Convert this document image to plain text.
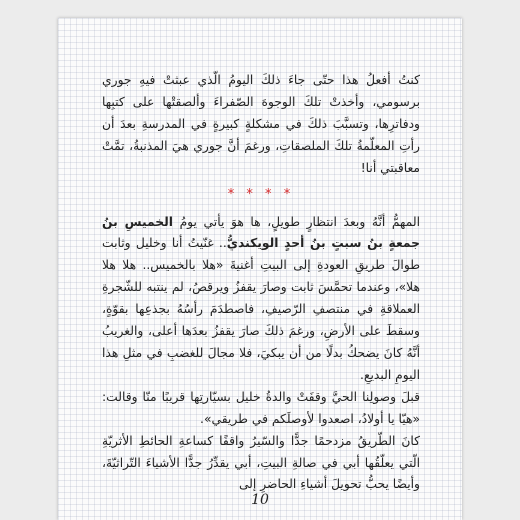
كنتُ أفعلُ هذا حتّى جاءَ ذلكَ اليومُ الّذي عبثتْ فيهِ جوري برسومي، وأخذتْ تلكَ الوجوهَ الصّفراءَ وألصقتْها على كتبِها ودفاترِها، وتسبَّبَ ذلكَ في مشكلةٍ كبيرةٍ في المدرسةِ بعدَ أن رأتِ المعلّمةُ تلكَ الملصقاتِ، ورغمَ أنَّ جوري هيَ المذنبةُ، تمَّتْ معاقبتي أنا!

* * * *

المهمُّ أنَّهُ وبعدَ انتظارٍ طويلٍ، ها هوَ يأتي يومُ الخميسِ بنُ جمعةٍ بنُ سبتٍ بنُ أحدٍ الويكنديُّ.. غنّيتُ أنا وخليل وثابت طوالَ طريقِ العودةِ إلى البيتِ أغنيةَ «هلا بالخميس.. هلا هلا هلا»، وعندما تحمَّسَ ثابت وصارَ يقفزُ ويرقصُ، لم ينتبه للشّجرةِ العملاقةِ في منتصفِ الرّصيفِ، فاصطدَمَ رأسُهُ بجذعِها بقوّةٍ، وسقطَ على الأرضِ، ورغمَ ذلكَ صارَ يقفزُ بعدَها أعلى، والغريبُ أنَّهُ كانَ يضحكُ بدلًا من أن يبكيَ، فلا مجالَ للغضبِ في مثلِ هذا اليومِ البديعِ.

قبلَ وصولِنا الحيَّ وقفَتْ والدةُ خليل بسيّارتِها قريبًا منّا وقالت: «هيّا يا أولادُ، اصعدوا لأوصلَكم في طريقي».

كانَ الطّريقُ مزدحمًا جدًّا والسّيرُ واقفًا كساعةِ الحائطِ الأثريّةِ الّتي يعلّقُها أبي في صالةِ البيتِ، أبي يقدِّرُ جدًّا الأشياءَ التّراثيّةَ، وأيضًا يحبُّ تحويلَ أشياءِ الحاضرِ إلى

10
